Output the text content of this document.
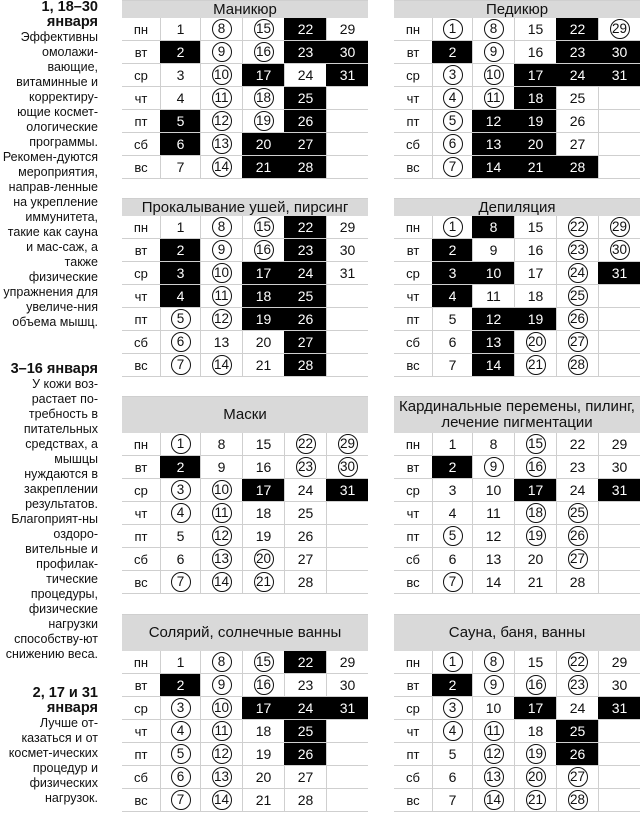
1, 18–30 января
Эффективны омолажи-вающие, витаминные и корректиру-ющие космет-ологические программы. Рекомен-дуются мероприятия, направ-ленные на укрепление иммунитета, такие как сауна и мас-саж, а также физические упражнения для увеличе-ния объема мышц.
3–16 января
У кожи воз-растает по-требность в питательных средствах, а мышцы нуждаются в закреплении результатов. Благоприят-ны оздоро-вительные и профилак-тические процедуры, физические нагрузки способству-ют снижению веса.
2, 17 и 31 января
Лучше от-казаться и от космет-ических процедур и физических нагрузок.
Маникюр
пн	1	8	15 22 29
вт	2	9	16 23 30
ср	3 10 17 24 31
чт	4 11 18 25
пт	5 12 19 26
сб	6 13 20 27
вс	7 14 21 28
Педикюр
пн	1	8	15 22 29
вт	2	9	16 23 30
ср	3	10 17 24 31
чт	4	11 18 25
пт	5	12 19 26
сб	6	13 20 27
вс	7	14 21 28
Прокалывание ушей, пирсинг
пн	1	8	15 22 29
вт	2	9	16 23 30
ср	3 10 17 24 31
чт	4 11 18 25
пт	5	12 19 26
сб	6	13 20 27
вс	7	14 21 28
Депиляция
пн	1	8 15 22 29
вт	2 9 16 23 30
ср	3 10 17 24 31
чт	4 11 18 25
пт	5 12 19 26
сб	6 13 20 27
вс	7 14 21 28
Маски
пн	1	8 15 22 29
вт	2 9 16 23 30
ср	3	10 17 24 31
чт	4	11 18 25
пт	5 12 19 26
сб	6 13 20 27
вс	7	14 21 28
Кардинальные перемены, пилинг, лечение пигментации
пн	1 8 15 22 29
вт	2	9	16 23 30
ср	3 10 17 24 31
чт	4 11 18 25
пт	5	12 19 26
сб	6 13 20 27
вс	7	14 21 28
Солярий, солнечные ванны
пн	1	8	15 22 29
вт	2	9	16 23 30
ср	3	10 17 24 31
чт	4	11 18 25
пт	5	12 19 26
сб	6	13 20 27
вс	7	14 21 28
Сауна, баня, ванны
пн	1	8	15 22 29
вт	2	9	16 23 30
ср	3	10 17 24 31
чт	4	11 18 25
пт	5 12 19 26
сб	6 13 20 27
вс	7 14 21 28
